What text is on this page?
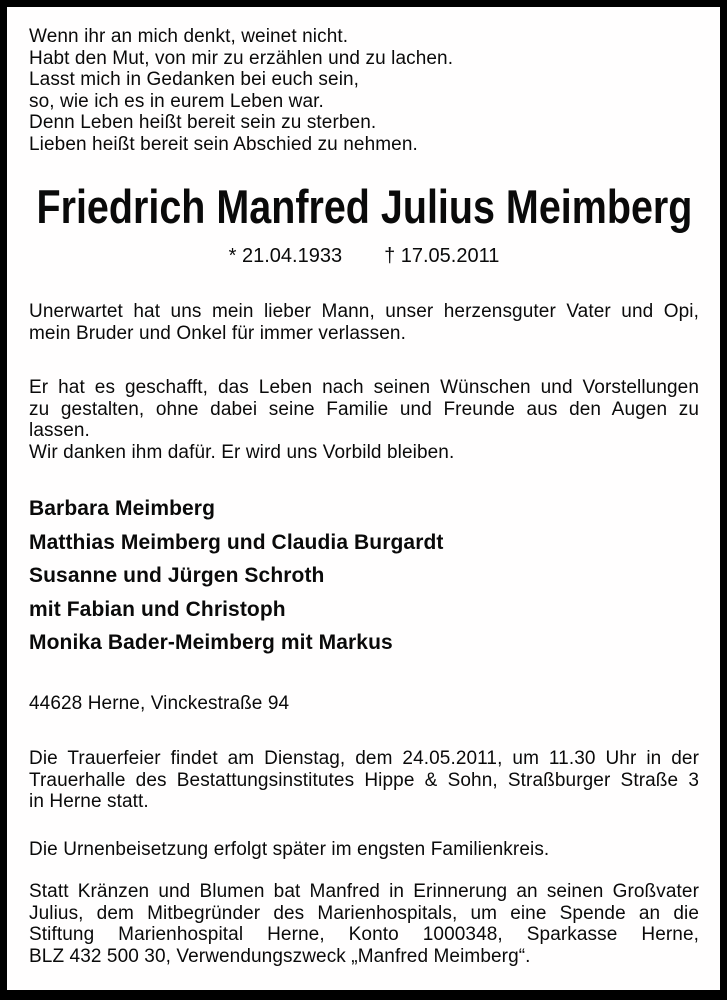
Wenn ihr an mich denkt, weinet nicht.
Habt den Mut, von mir zu erzählen und zu lachen.
Lasst mich in Gedanken bei euch sein,
so, wie ich es in eurem Leben war.
Denn Leben heißt bereit sein zu sterben.
Lieben heißt bereit sein Abschied zu nehmen.
Friedrich Manfred Julius Meimberg
* 21.04.1933 † 17.05.2011
Unerwartet hat uns mein lieber Mann, unser herzensguter Vater und Opi,
mein Bruder und Onkel für immer verlassen.
Er hat es geschafft, das Leben nach seinen Wünschen und Vorstellungen
zu gestalten, ohne dabei seine Familie und Freunde aus den Augen zu
lassen.
Wir danken ihm dafür. Er wird uns Vorbild bleiben.
Barbara Meimberg
Matthias Meimberg und Claudia Burgardt
Susanne und Jürgen Schroth
mit Fabian und Christoph
Monika Bader-Meimberg mit Markus
44628 Herne, Vinckestraße 94
Die Trauerfeier findet am Dienstag, dem 24.05.2011, um 11.30 Uhr in der
Trauerhalle des Bestattungsinstitutes Hippe & Sohn, Straßburger Straße 3
in Herne statt.
Die Urnenbeisetzung erfolgt später im engsten Familienkreis.
Statt Kränzen und Blumen bat Manfred in Erinnerung an seinen Großvater
Julius, dem Mitbegründer des Marienhospitals, um eine Spende an die
Stiftung Marienhospital Herne, Konto 1000348, Sparkasse Herne,
BLZ 432 500 30, Verwendungszweck „Manfred Meimberg“.
